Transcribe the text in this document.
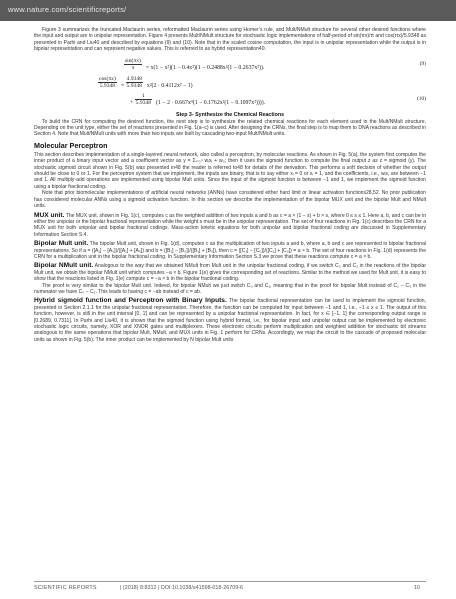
www.nature.com/scientificreports/

Figure 3 summarizes the truncated Maclaurin series, reformatted Maclaurin series using Horner’s rule, and Mult/NMult structure for several other desired functions where the input and output are in unipolar representation. Figure 4 presents Mult/NMult structure for stochastic logic implementations of half-period of sin(πx)/π and cos(πx)/5.9348 as presented in Parhi and Liu40 and described by equations (9) and (10). Note that in the scaled cosine computation, the input is in unipolar representation while the output is in bipolar representation and can represent negative values. This is referred to as hybrid representation40.

$\frac{\sin(\pi x)}{\pi} = x(1 - x^2)(1 - 0.4x^2)(1 - 0.2488x^2(1 - 0.2637x^2))$.
(9)
$\frac{\cos(\pi x)}{5.9348} = \frac{4.9348}{5.9348} x^2(2 \cdot 0.4112x^2 - 1)$
+ $\frac{1}{5.9348} (1 - 2 \cdot 0.667x^4(1 - 0.1762x^2(1 - 0.1097x^2)))$).
(10)
Step 3- Synthesize the Chemical Reactions

To build the CRN for computing the desired function, the next step is to synthesize the related chemical reactions for each element used in the Mult/NMult structure. Depending on the unit type, either the set of reactions presented in Fig. 1(a–c) is used. After designing the CRNs, the final step is to map them to DNA reactions as described in Section 4. Note that Mult/NMult units with more than two inputs are built by cascading two-input Mult/NMult units.

Molecular Perceptron

This section describes implementation of a single-layered neural network, also called a perceptron, by molecular reactions. As shown in Fig. 5(a), the system first computes the inner product of a binary input vector and a coefficient vector as y = Σᵢ₌₁ⁿ wᵢxᵢ + w₀; then it uses the sigmoid function to compute the final output z as z = sigmoid (y). The stochastic sigmoid circuit shown in Fig. 5(b) was presented in48 the reader is referred to48 for details of the derivation. This performs a soft decision of whether the output should be close to 0 or 1. For the perceptron system that we implement, the inputs are binary, that is to say either xᵢ = 0 or xᵢ = 1, and the coefficients, i.e., wᵢs, are between −1 and 1. All multiply-add operations are implemented using bipolar Mult units. Since the input of the sigmoid function is between −1 and 1, we implement the sigmoid function using a bipolar fractional coding.

Note that prior biomolecular implementations of artificial neural networks (ANNs) have considered either hard limit or linear activation functions28,52. No prior publication has considered molecular ANNs using a sigmoid activation function. In this section we describe the implementation of the bipolar MUX unit and the bipolar Mult and NMult units.

MUX unit. The MUX unit, shown in Fig. 1(c), computes c as the weighted addition of two inputs a and b as c = a × (1 − s) + b × s, where 0 ≤ s ≤ 1. Here a, b, and c can be in either the unipolar or the bipolar fractional representation while the weight s must be in the unipolar representation. The set of four reactions in Fig. 1(c) describes the CRN for a MUX unit for both unipolar and bipolar fractional codings. Mass-action kinetic equations for both unipolar and bipolar fractional coding are discussed in Supplementary Information Section S.4.

Bipolar Mult unit. The bipolar Mult unit, shown in Fig. 1(d), computes c as the multiplication of two inputs a and b, where a, b and c are represented in bipolar fractional representations. So if a = ([A₁] − [A₀])/([A₁] + [A₀]) and b = ([B₁] − [B₀])/([B₁] + [B₀]), then c = ([C₁] − [C₀])/([C₁] + [C₀]) = a × b. The set of four reactions in Fig. 1(d) represents the CRN for a multiplication unit in the bipolar fractional coding. In Supplementary Information Section S.3 we prove that these reactions compute c = a × b.

Bipolar NMult unit. Analogous to the way that we obtained NMult from Mult unit in the unipolar fractional coding, if we switch C₀ and C₁ in the reactions of the bipolar Mult unit, we obtain the bipolar NMult unit which computes −a × b. Figure 1(e) gives the corresponding set of reactions. Similar to the method we used for Mult unit, it is easy to show that the reactions listed in Fig. 1(e) compute c = −a × b in the bipolar fractional coding.

The proof is very similar to the bipolar Mult unit. Indeed, for bipolar NMult we just switch C₀ and C₁, meaning that in the proof for bipolar Mult instead of C₁ − C₀ in the numerator we have C₀ − C₁. This leads to having c = −ab instead of c = ab.

Hybrid sigmoid function and Perceptron with Binary Inputs. The bipolar fractional representation can be used to implement the sigmoid function, presented in Section 2.1.1 for the unipolar fractional representation. Therefore, the function can be computed for input between −1 and 1, i.e., −1 ≤ x ≤ 1. The output of this function, however, is still in the unit interval [0, 1] and can be represented by a unipolar fractional representation. In fact, for x ∈ [−1, 1] the corresponding output range is [0.2689, 0.7311]. In Parhi and Liu40, it is shown that the sigmoid function using hybrid format, i.e., for bipolar input and unipolar output can be implemented by electronic stochastic logic circuits, namely, XOR and XNOR gates and multiplexers. These electronic circuits perform multiplication and weighted addition for stochastic bit streams analogous to the same operations that bipolar Mult, NMult, and MUX units in Fig. 1 perform for CRNs. Accordingly, we map the circuit to the cascade of proposed molecular units as shown in Fig. 5(b). The inner product can be implemented by N bipolar Mult units

SCIENTIFIC REPORTS	| (2018) 8:8312 | DOI:10.1038/s41598-018-26709-6	10
